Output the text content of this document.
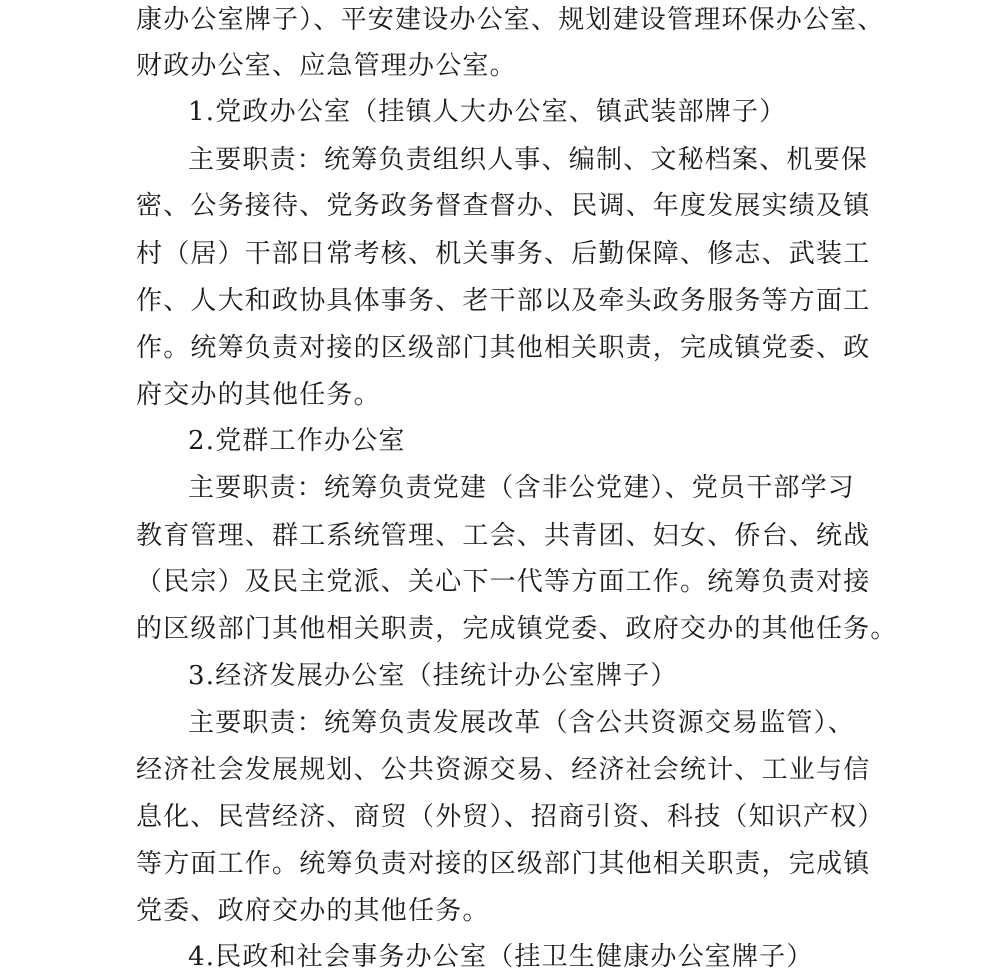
康办公室牌子）、平安建设办公室、规划建设管理环保办公室、
财政办公室、应急管理办公室。
1.党政办公室（挂镇人大办公室、镇武装部牌子）
主要职责：统筹负责组织人事、编制、文秘档案、机要保
密、公务接待、党务政务督查督办、民调、年度发展实绩及镇
村（居）干部日常考核、机关事务、后勤保障、修志、武装工
作、人大和政协具体事务、老干部以及牵头政务服务等方面工
作。统筹负责对接的区级部门其他相关职责，完成镇党委、政
府交办的其他任务。
2.党群工作办公室
主要职责：统筹负责党建（含非公党建）、党员干部学习
教育管理、群工系统管理、工会、共青团、妇女、侨台、统战
（民宗）及民主党派、关心下一代等方面工作。统筹负责对接
的区级部门其他相关职责，完成镇党委、政府交办的其他任务。
3.经济发展办公室（挂统计办公室牌子）
主要职责：统筹负责发展改革（含公共资源交易监管）、
经济社会发展规划、公共资源交易、经济社会统计、工业与信
息化、民营经济、商贸（外贸）、招商引资、科技（知识产权）
等方面工作。统筹负责对接的区级部门其他相关职责，完成镇
党委、政府交办的其他任务。
4.民政和社会事务办公室（挂卫生健康办公室牌子）
